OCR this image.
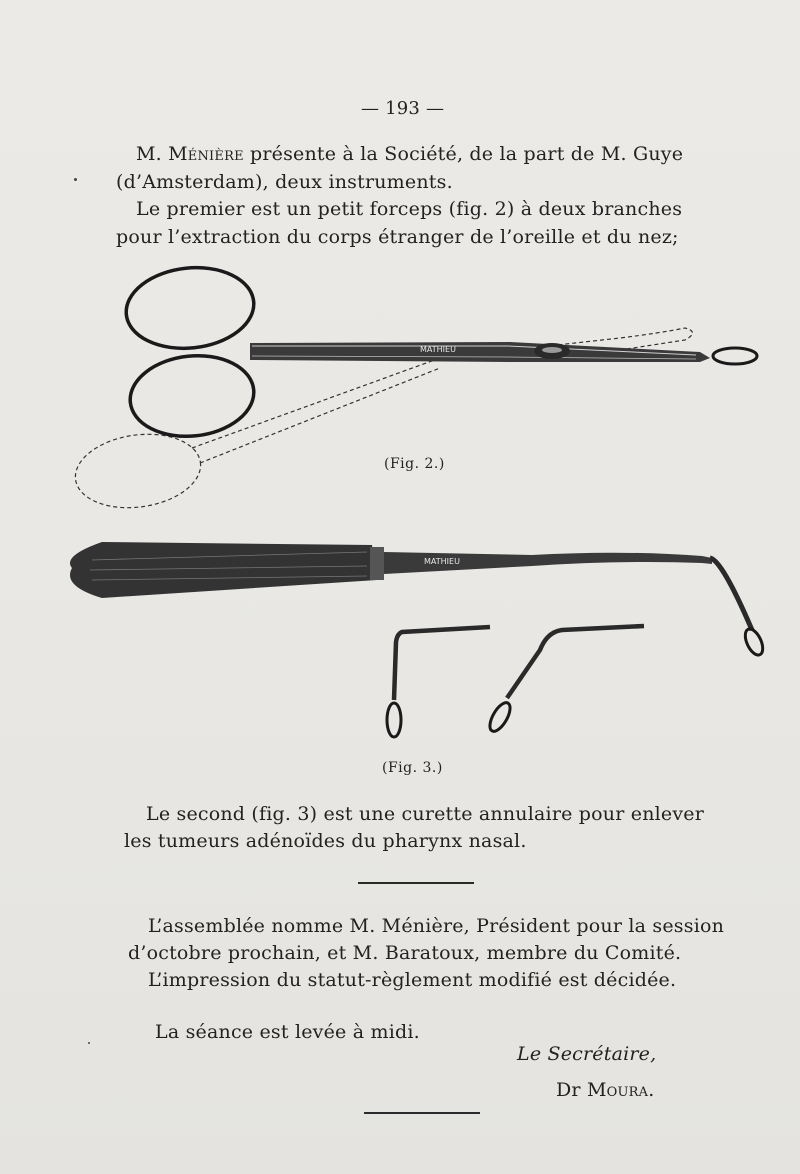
— 193 —
M. Ménière présente à la Société, de la part de M. Guye
(d’Amsterdam), deux instruments.
Le premier est un petit forceps (fig. 2) à deux branches
pour l’extraction du corps étranger de l’oreille et du nez;
MATHIEU
(Fig. 2.)
MATHIEU
(Fig. 3.)
Le second (fig. 3) est une curette annulaire pour enlever
les tumeurs adénoïdes du pharynx nasal.
L’assemblée nomme M. Ménière, Président pour la session
d’octobre prochain, et M. Baratoux, membre du Comité.
L’impression du statut-règlement modifié est décidée.
La séance est levée à midi.
Le Secrétaire,
Dr Moura.
